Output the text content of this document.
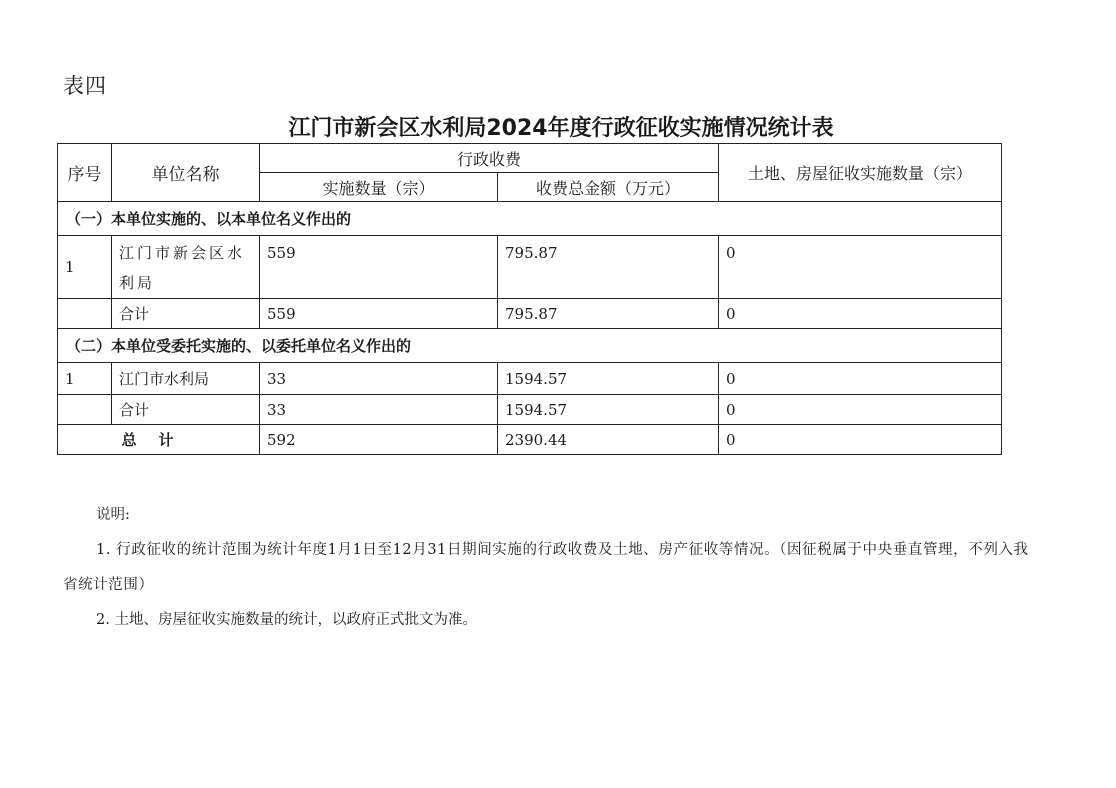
表四
江门市新会区水利局2024年度行政征收实施情况统计表
序号	单位名称	行政收费		土地、房屋征收实施数量（宗）
		实施数量（宗）	收费总金额（万元）	
（一）本单位实施的、以本单位名义作出的				
1	江门市新会区水利局	559	795.87	0
	合计	559	795.87	0
（二）本单位受委托实施的、以委托单位名义作出的				
1	江门市水利局	33	1594.57	0
	合计	33	1594.57	0
总计		592	2390.44	0

说明:

1. 行政征收的统计范围为统计年度1月1日至12月31日期间实施的行政收费及土地、房产征收等情况。（因征税属于中央垂直管理，不列入我省统计范围）

2. 土地、房屋征收实施数量的统计，以政府正式批文为准。
